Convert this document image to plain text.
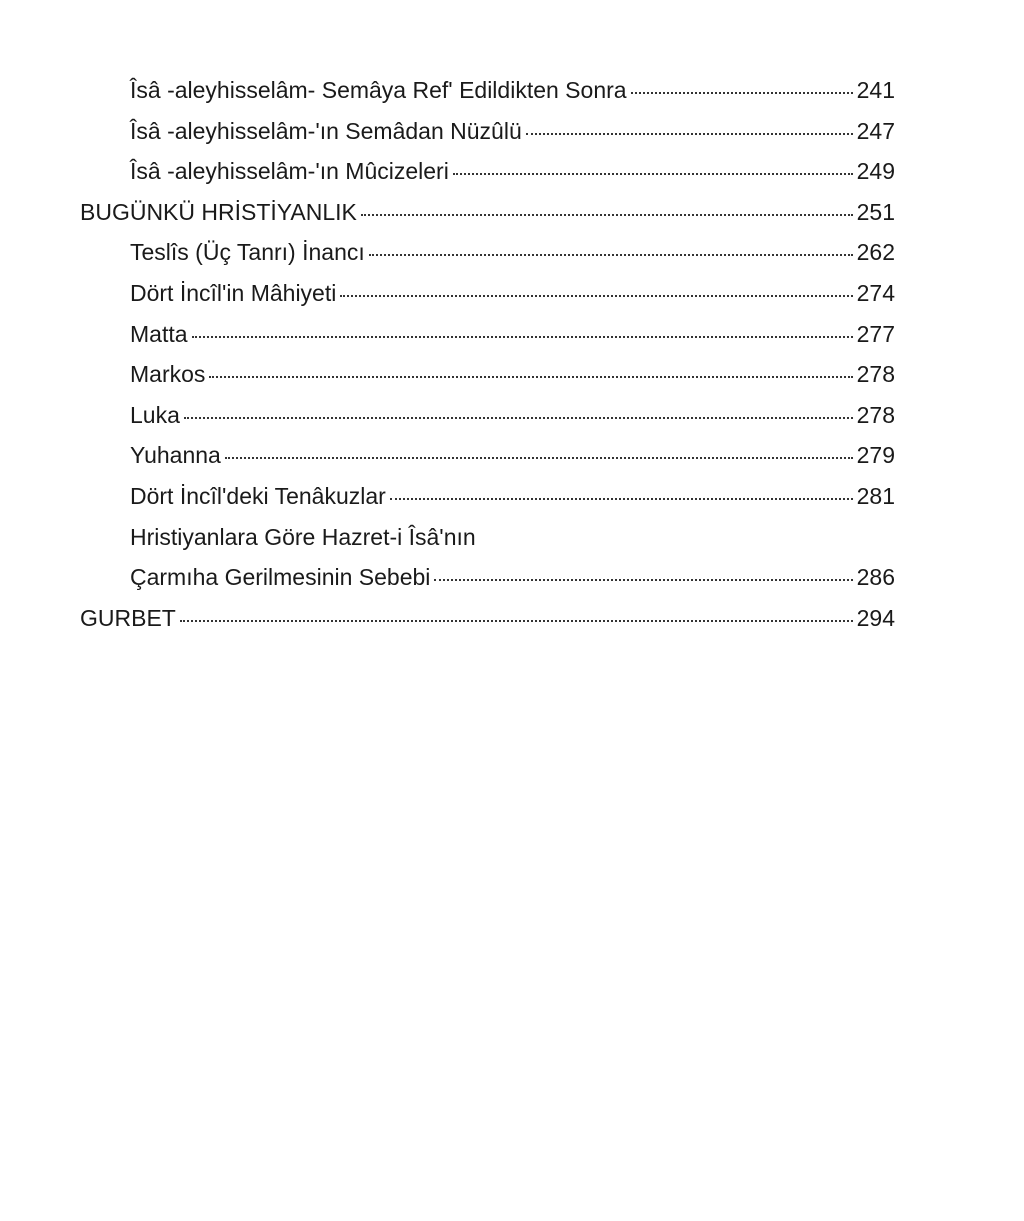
Îsâ -aleyhisselâm- Semâya Ref' Edildikten Sonra	241
Îsâ -aleyhisselâm-'ın Semâdan Nüzûlü	247
Îsâ -aleyhisselâm-'ın Mûcizeleri	249
BUGÜNKÜ HRİSTİYANLIK	251
Teslîs (Üç Tanrı) İnancı	262
Dört İncîl'in Mâhiyeti	274
Matta	277
Markos	278
Luka	278
Yuhanna	279
Dört İncîl'deki Tenâkuzlar	281
Hristiyanlara Göre Hazret-i Îsâ'nın
Çarmıha Gerilmesinin Sebebi	286
GURBET	294
